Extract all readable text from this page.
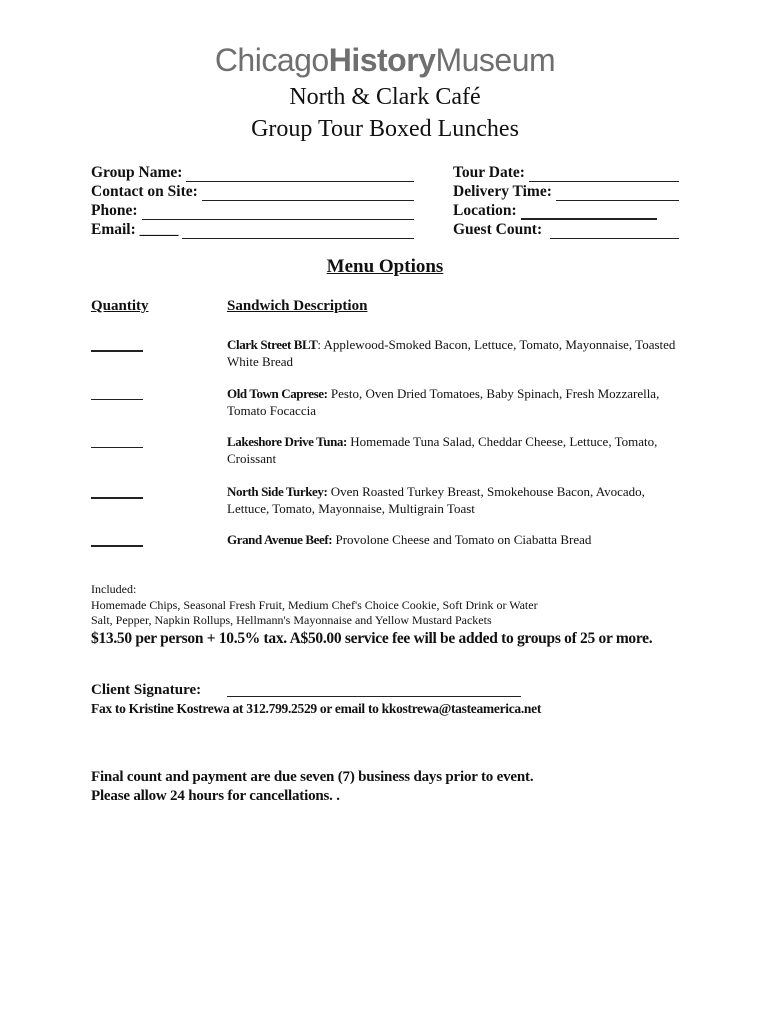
ChicagoHistoryMuseum
North & Clark Café
Group Tour Boxed Lunches
Group Name:
Contact on Site:
Phone:
Email: _____
Tour Date:
Delivery Time:
Location:
Guest Count:
Menu Options
Quantity	Sandwich Description
Clark Street BLT: Applewood-Smoked Bacon, Lettuce, Tomato, Mayonnaise, Toasted White Bread
Old Town Caprese: Pesto, Oven Dried Tomatoes, Baby Spinach, Fresh Mozzarella, Tomato Focaccia
Lakeshore Drive Tuna: Homemade Tuna Salad, Cheddar Cheese, Lettuce, Tomato, Croissant
North Side Turkey: Oven Roasted Turkey Breast, Smokehouse Bacon, Avocado, Lettuce, Tomato, Mayonnaise, Multigrain Toast
Grand Avenue Beef: Provolone Cheese and Tomato on Ciabatta Bread
Included:
Homemade Chips, Seasonal Fresh Fruit, Medium Chef's Choice Cookie, Soft Drink or Water
Salt, Pepper, Napkin Rollups, Hellmann's Mayonnaise and Yellow Mustard Packets
$13.50 per person + 10.5% tax. A$50.00 service fee will be added to groups of 25 or more.
Client Signature:
Fax to Kristine Kostrewa at 312.799.2529 or email to kkostrewa@tasteamerica.net
Final count and payment are due seven (7) business days prior to event.
Please allow 24 hours for cancellations. .
